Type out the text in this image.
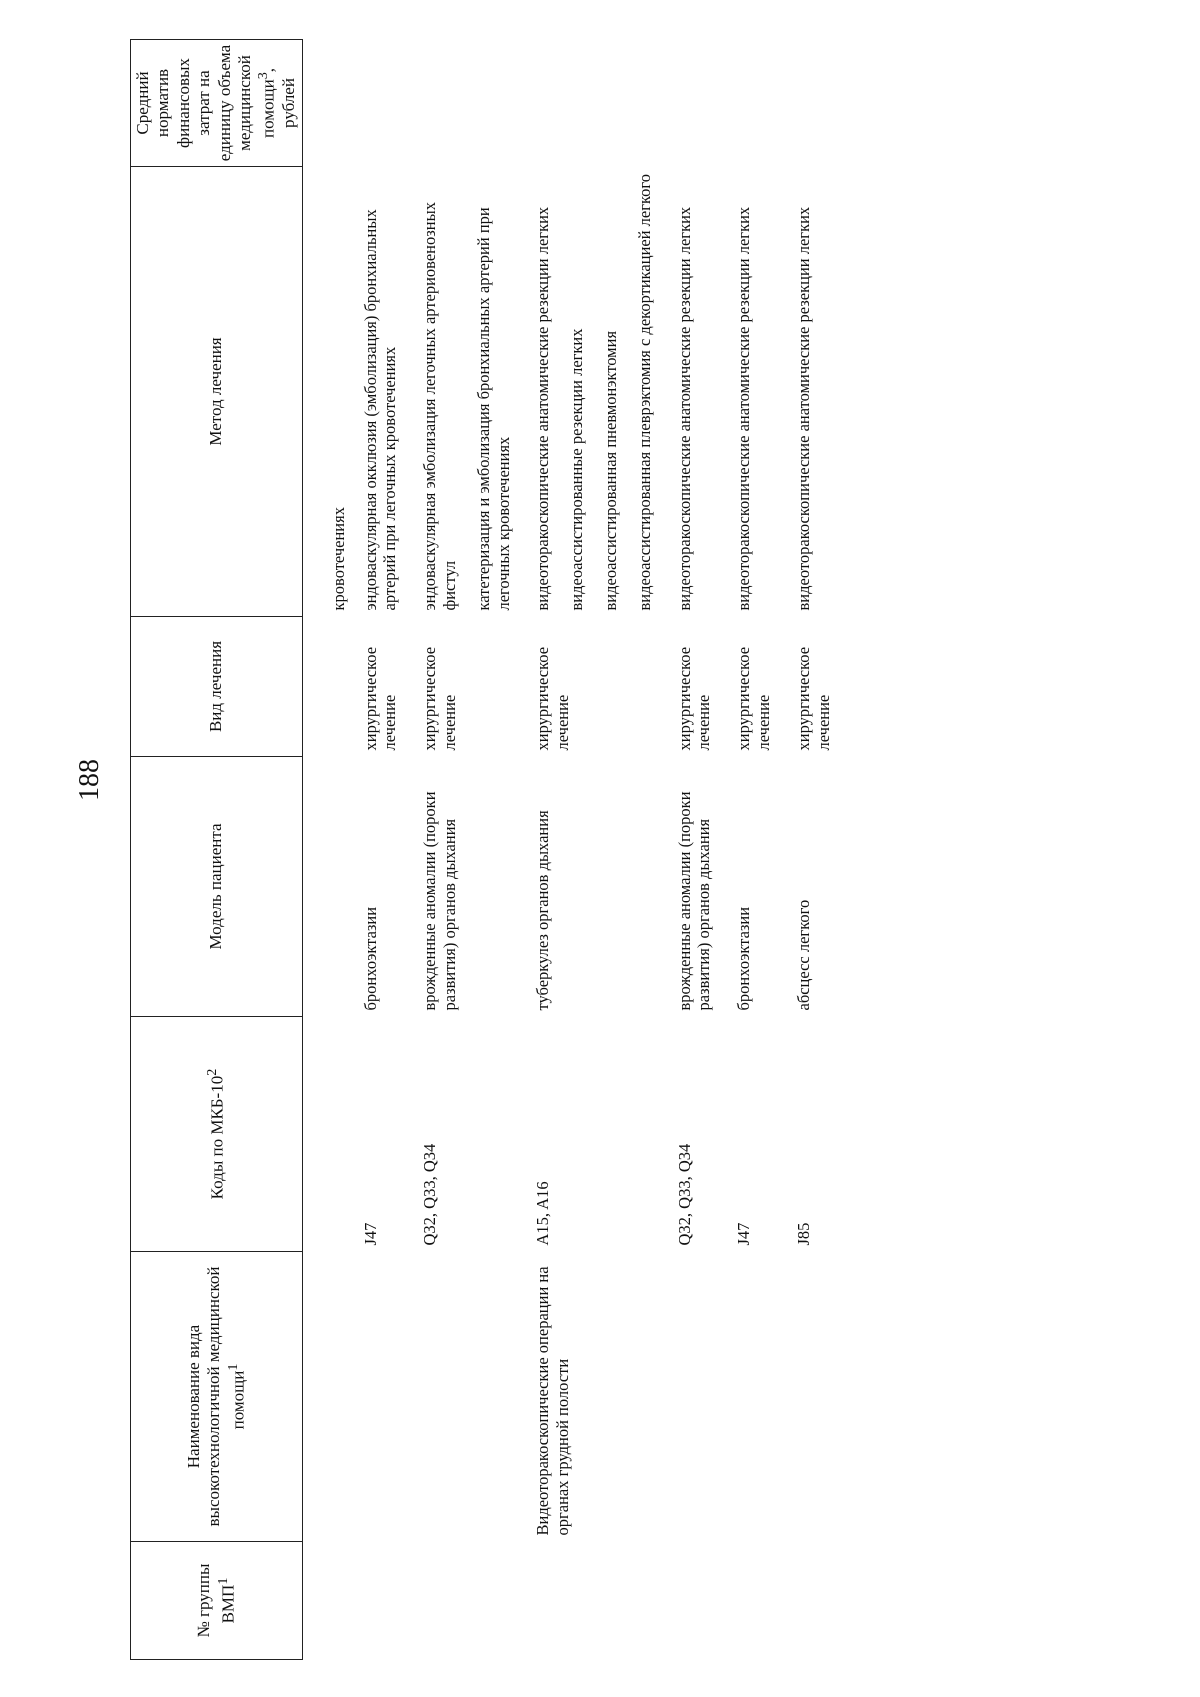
188
№ группы ВМП$^1$	Наименование вида высокотехнологичной медицинской помощи$^1$	Коды по МКБ-$10^2$	Модель пациента	Вид лечения	Метод лечения	Средний норматив финансовых затрат на единицу объема медицинской помощи$^3$, рублей

					кровотечениях	

		J47	бронхоэктазии	хирургическое лечение	эндоваскулярная окклюзия (эмболизация) бронхиальных артерий при легочных кровотечениях	

		Q32, Q33, Q34	врожденные аномалии (пороки развития) органов дыхания	хирургическое лечение	эндоваскулярная эмболизация легочных артериовенозных фистул катетеризация и эмболизация бронхиальных артерий при легочных кровотечениях	

	Видеоторакоскопические операции на органах грудной полости	A15, A16	туберкулез органов дыхания	хирургическое лечение	видеоторакоскопические анатомические резекции легких видеоассистированные резекции легких видеоассистированная пневмонэктомия видеоассистированная плеврэктомия с декортикацией легкого	

		Q32, Q33, Q34	врожденные аномалии (пороки развития) органов дыхания	хирургическое лечение	видеоторакоскопические анатомические резекции легких	

		J47	бронхоэктазии	хирургическое лечение	видеоторакоскопические анатомические резекции легких	

		J85	абсцесс легкого	хирургическое лечение	видеоторакоскопические анатомические резекции легких	
